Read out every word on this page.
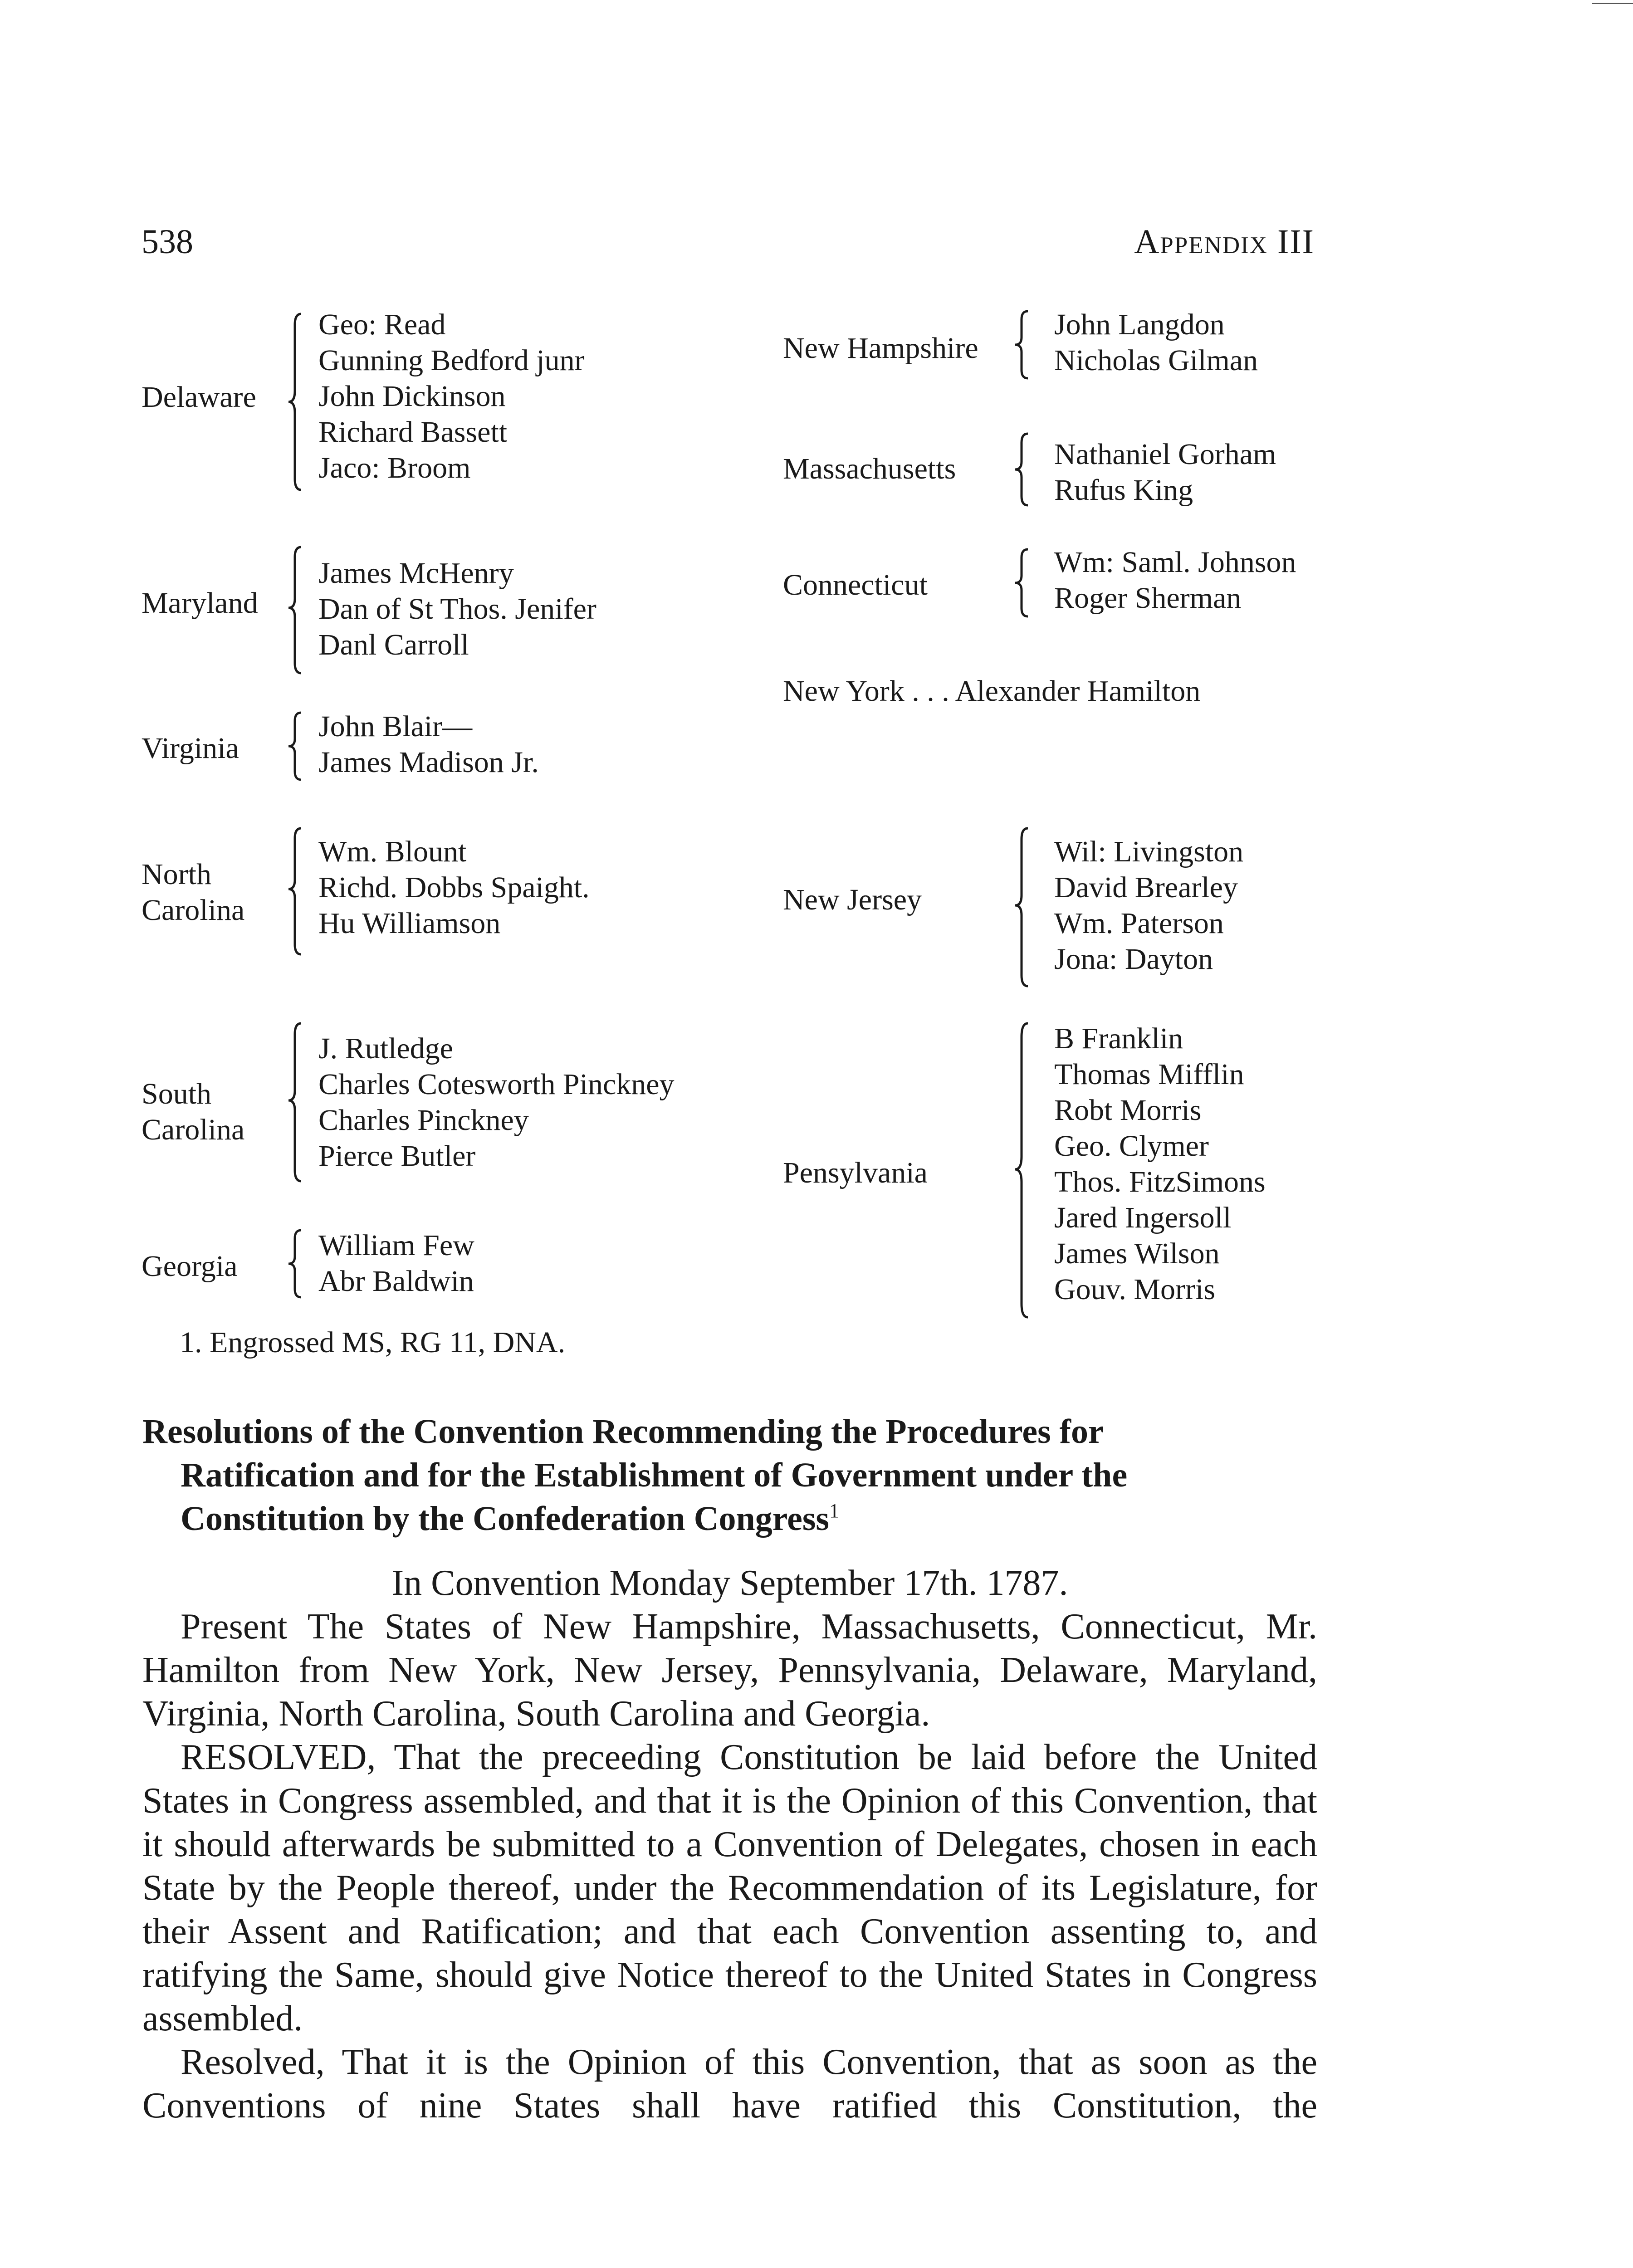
538	Appendix III
Delaware
Geo: Read
Gunning Bedford junr
John Dickinson
Richard Bassett
Jaco: Broom
Maryland
James McHenry
Dan of St Thos. Jenifer
Danl Carroll
Virginia
John Blair—
James Madison Jr.
North
Carolina
Wm. Blount
Richd. Dobbs Spaight.
Hu Williamson
South
Carolina
J. Rutledge
Charles Cotesworth Pinckney
Charles Pinckney
Pierce Butler
Georgia
William Few
Abr Baldwin
1. Engrossed MS, RG 11, DNA.
New Hampshire
John Langdon
Nicholas Gilman
Massachusetts	Nathaniel Gorham
Rufus King
Connecticut
Wm: Saml. Johnson
Roger Sherman
New York . . . Alexander Hamilton
New Jersey
Wil: Livingston
David Brearley
Wm. Paterson
Jona: Dayton
Pensylvania
B Franklin
Thomas Mifflin
Robt Morris
Geo. Clymer
Thos. FitzSimons
Jared Ingersoll
James Wilson
Gouv. Morris
Resolutions of the Convention Recommending the Procedures for
Ratification and for the Establishment of Government under the
Constitution by the Confederation Congress$^1$

In Convention Monday September 17th. 1787.

Present The States of New Hampshire, Massachusetts, Connecticut, Mr. Hamilton from New York, New Jersey, Pennsylvania, Delaware, Maryland, Virginia, North Carolina, South Carolina and Georgia.

RESOLVED, That the preceeding Constitution be laid before the United States in Congress assembled, and that it is the Opinion of this Convention, that it should afterwards be submitted to a Convention of Delegates, chosen in each State by the People thereof, under the Recommendation of its Legislature, for their Assent and Ratification; and that each Convention assenting to, and ratifying the Same, should give Notice thereof to the United States in Congress assembled.

Resolved, That it is the Opinion of this Convention, that as soon as the Conventions of nine States shall have ratified this Constitution, the
